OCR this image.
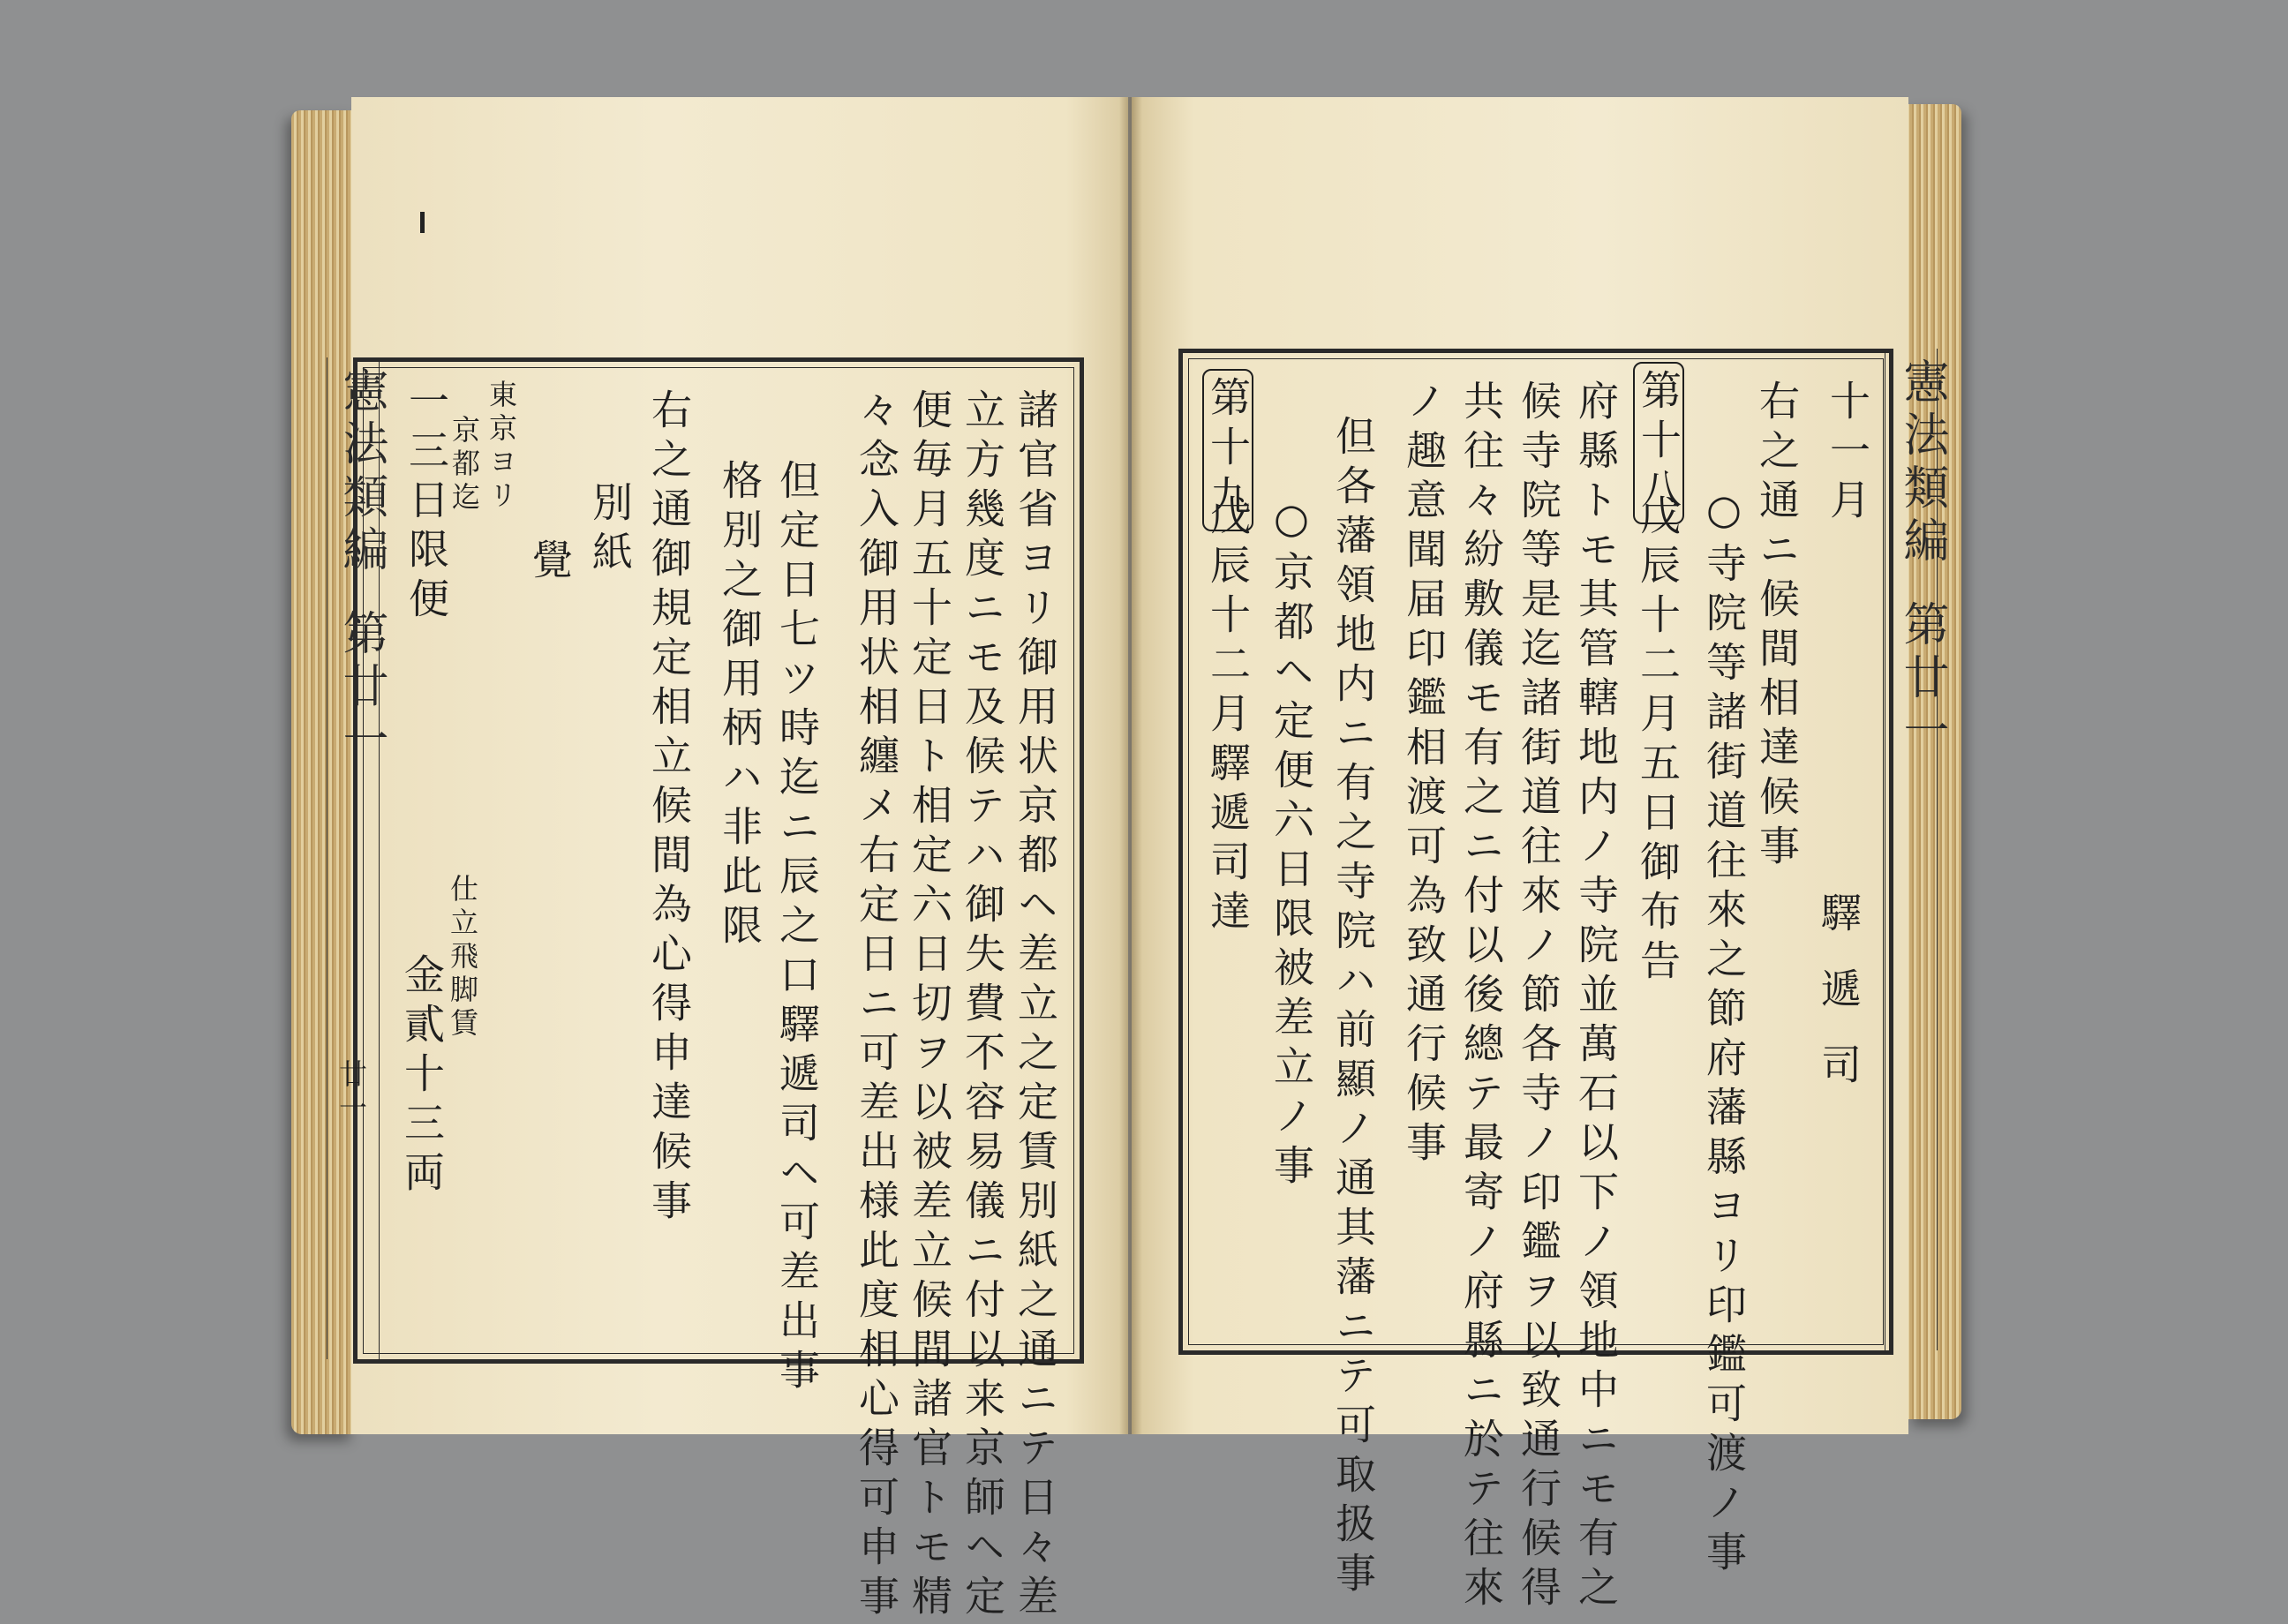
憲法類編
第廿一
廿一	諸官省ヨリ御用状京都ヘ差立之定賃別紙之通ニテ日々差
立方幾度ニモ及候テハ御失費不容易儀ニ付以来京師ヘ定
便毎月五十定日ト相定六日切ヲ以被差立候間諸官トモ精
々念入御用状相纏メ右定日ニ可差出様此度相心得可申事
但定日七ツ時迄ニ辰之口驛遞司ヘ可差出事
格別之御用柄ハ非此限
右之通御規定相立候間為心得申達候事
別紙
覺
東京ヨリ
京都迄
一三日限便
仕立飛脚賃
金貳十三両
憲法類編
第廿一
十一月
驛遞司
右之通ニ候間相達候事
○寺院等諸街道往來之節府藩縣ヨリ印鑑可渡ノ事
第十八
戊辰十二月五日御布告
府縣トモ其管轄地内ノ寺院並萬石以下ノ領地中ニモ有之
候寺院等是迄諸街道往來ノ節各寺ノ印鑑ヲ以致通行候得
共往々紛敷儀モ有之ニ付以後總テ最寄ノ府縣ニ於テ往來
ノ趣意聞届印鑑相渡可為致通行候事
但各藩領地内ニ有之寺院ハ前顯ノ通其藩ニテ可取扱事
○京都ヘ定便六日限被差立ノ事
第十九
戊辰十二月驛遞司達
